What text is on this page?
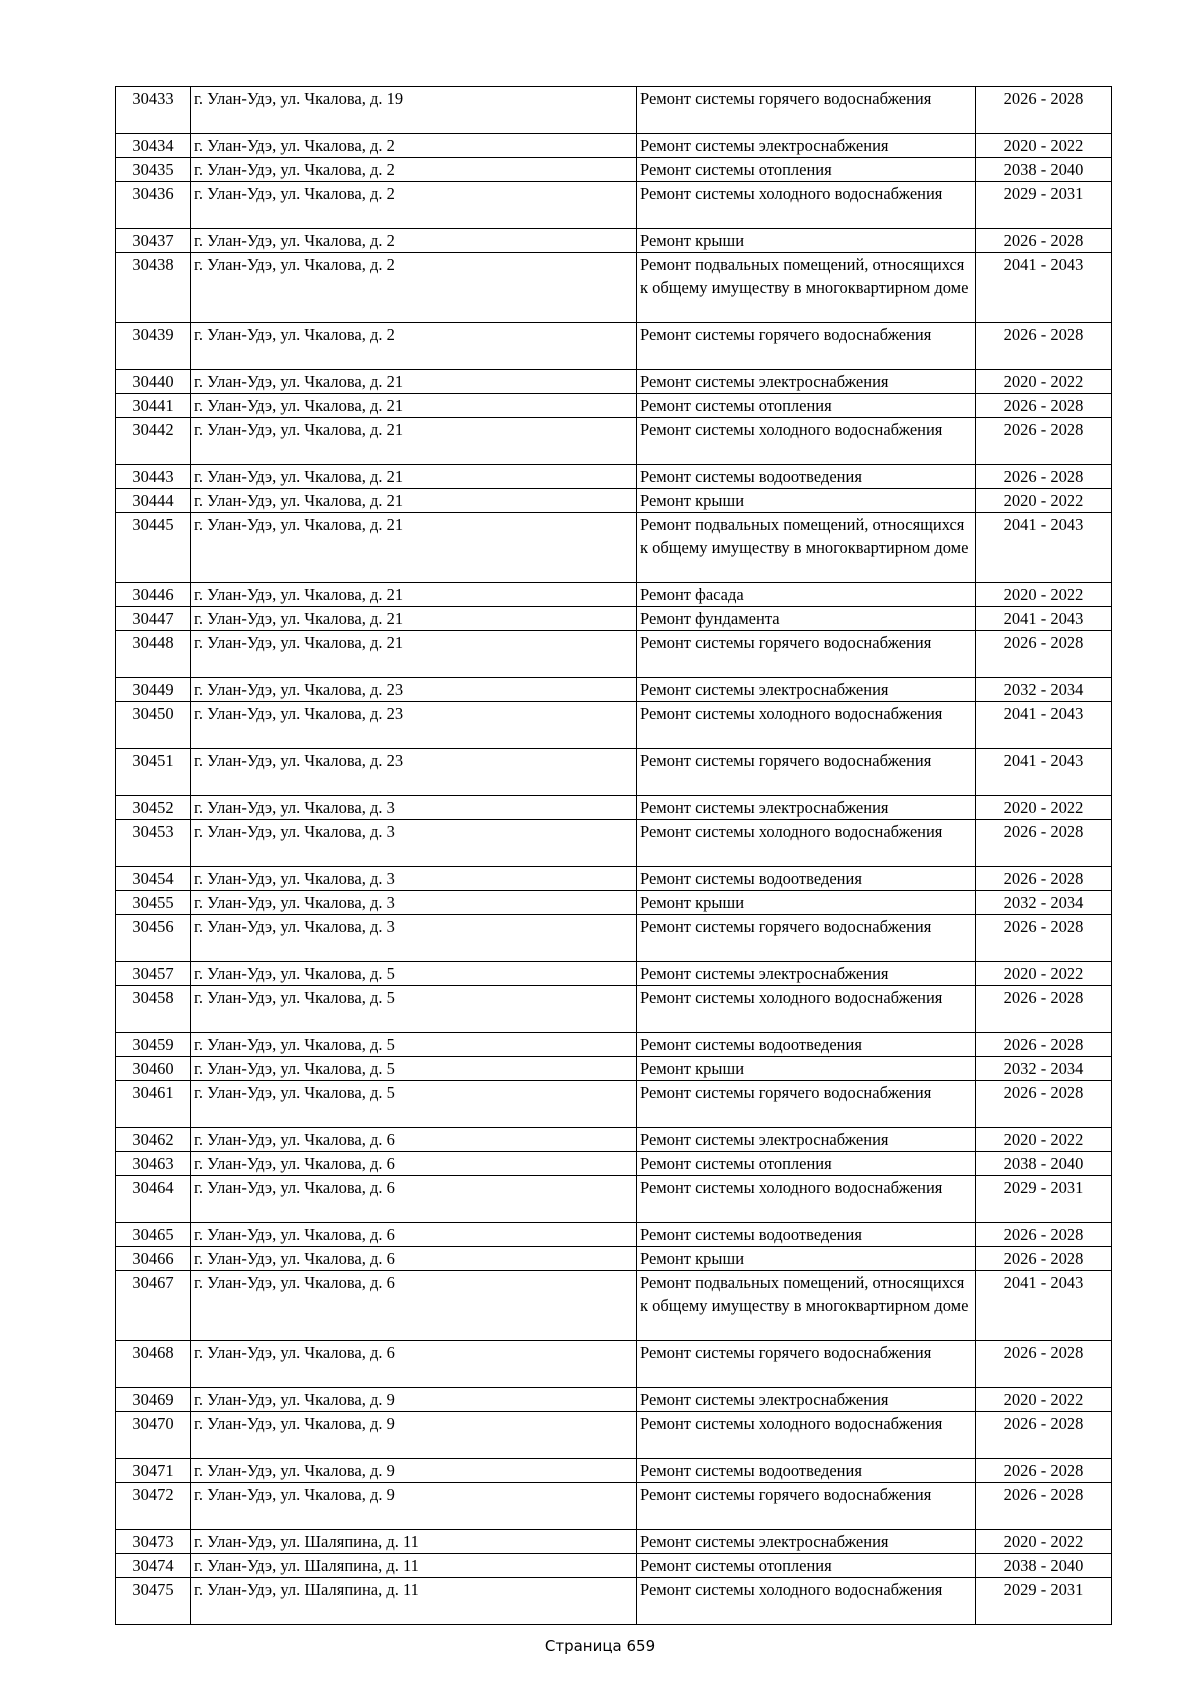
30433	г. Улан-Удэ, ул. Чкалова, д. 19	Ремонт системы горячего водоснабжения	2026 - 2028
30434	г. Улан-Удэ, ул. Чкалова, д. 2	Ремонт системы электроснабжения	2020 - 2022
30435	г. Улан-Удэ, ул. Чкалова, д. 2	Ремонт системы отопления	2038 - 2040
30436	г. Улан-Удэ, ул. Чкалова, д. 2	Ремонт системы холодного водоснабжения	2029 - 2031
30437	г. Улан-Удэ, ул. Чкалова, д. 2	Ремонт крыши	2026 - 2028
30438	г. Улан-Удэ, ул. Чкалова, д. 2	Ремонт подвальных помещений, относящихся к общему имуществу в многоквартирном доме	2041 - 2043
30439	г. Улан-Удэ, ул. Чкалова, д. 2	Ремонт системы горячего водоснабжения	2026 - 2028
30440	г. Улан-Удэ, ул. Чкалова, д. 21	Ремонт системы электроснабжения	2020 - 2022
30441	г. Улан-Удэ, ул. Чкалова, д. 21	Ремонт системы отопления	2026 - 2028
30442	г. Улан-Удэ, ул. Чкалова, д. 21	Ремонт системы холодного водоснабжения	2026 - 2028
30443	г. Улан-Удэ, ул. Чкалова, д. 21	Ремонт системы водоотведения	2026 - 2028
30444	г. Улан-Удэ, ул. Чкалова, д. 21	Ремонт крыши	2020 - 2022
30445	г. Улан-Удэ, ул. Чкалова, д. 21	Ремонт подвальных помещений, относящихся к общему имуществу в многоквартирном доме	2041 - 2043
30446	г. Улан-Удэ, ул. Чкалова, д. 21	Ремонт фасада	2020 - 2022
30447	г. Улан-Удэ, ул. Чкалова, д. 21	Ремонт фундамента	2041 - 2043
30448	г. Улан-Удэ, ул. Чкалова, д. 21	Ремонт системы горячего водоснабжения	2026 - 2028
30449	г. Улан-Удэ, ул. Чкалова, д. 23	Ремонт системы электроснабжения	2032 - 2034
30450	г. Улан-Удэ, ул. Чкалова, д. 23	Ремонт системы холодного водоснабжения	2041 - 2043
30451	г. Улан-Удэ, ул. Чкалова, д. 23	Ремонт системы горячего водоснабжения	2041 - 2043
30452	г. Улан-Удэ, ул. Чкалова, д. 3	Ремонт системы электроснабжения	2020 - 2022
30453	г. Улан-Удэ, ул. Чкалова, д. 3	Ремонт системы холодного водоснабжения	2026 - 2028
30454	г. Улан-Удэ, ул. Чкалова, д. 3	Ремонт системы водоотведения	2026 - 2028
30455	г. Улан-Удэ, ул. Чкалова, д. 3	Ремонт крыши	2032 - 2034
30456	г. Улан-Удэ, ул. Чкалова, д. 3	Ремонт системы горячего водоснабжения	2026 - 2028
30457	г. Улан-Удэ, ул. Чкалова, д. 5	Ремонт системы электроснабжения	2020 - 2022
30458	г. Улан-Удэ, ул. Чкалова, д. 5	Ремонт системы холодного водоснабжения	2026 - 2028
30459	г. Улан-Удэ, ул. Чкалова, д. 5	Ремонт системы водоотведения	2026 - 2028
30460	г. Улан-Удэ, ул. Чкалова, д. 5	Ремонт крыши	2032 - 2034
30461	г. Улан-Удэ, ул. Чкалова, д. 5	Ремонт системы горячего водоснабжения	2026 - 2028
30462	г. Улан-Удэ, ул. Чкалова, д. 6	Ремонт системы электроснабжения	2020 - 2022
30463	г. Улан-Удэ, ул. Чкалова, д. 6	Ремонт системы отопления	2038 - 2040
30464	г. Улан-Удэ, ул. Чкалова, д. 6	Ремонт системы холодного водоснабжения	2029 - 2031
30465	г. Улан-Удэ, ул. Чкалова, д. 6	Ремонт системы водоотведения	2026 - 2028
30466	г. Улан-Удэ, ул. Чкалова, д. 6	Ремонт крыши	2026 - 2028
30467	г. Улан-Удэ, ул. Чкалова, д. 6	Ремонт подвальных помещений, относящихся к общему имуществу в многоквартирном доме	2041 - 2043
30468	г. Улан-Удэ, ул. Чкалова, д. 6	Ремонт системы горячего водоснабжения	2026 - 2028
30469	г. Улан-Удэ, ул. Чкалова, д. 9	Ремонт системы электроснабжения	2020 - 2022
30470	г. Улан-Удэ, ул. Чкалова, д. 9	Ремонт системы холодного водоснабжения	2026 - 2028
30471	г. Улан-Удэ, ул. Чкалова, д. 9	Ремонт системы водоотведения	2026 - 2028
30472	г. Улан-Удэ, ул. Чкалова, д. 9	Ремонт системы горячего водоснабжения	2026 - 2028
30473	г. Улан-Удэ, ул. Шаляпина, д. 11	Ремонт системы электроснабжения	2020 - 2022
30474	г. Улан-Удэ, ул. Шаляпина, д. 11	Ремонт системы отопления	2038 - 2040
30475	г. Улан-Удэ, ул. Шаляпина, д. 11	Ремонт системы холодного водоснабжения	2029 - 2031
Страница 659
